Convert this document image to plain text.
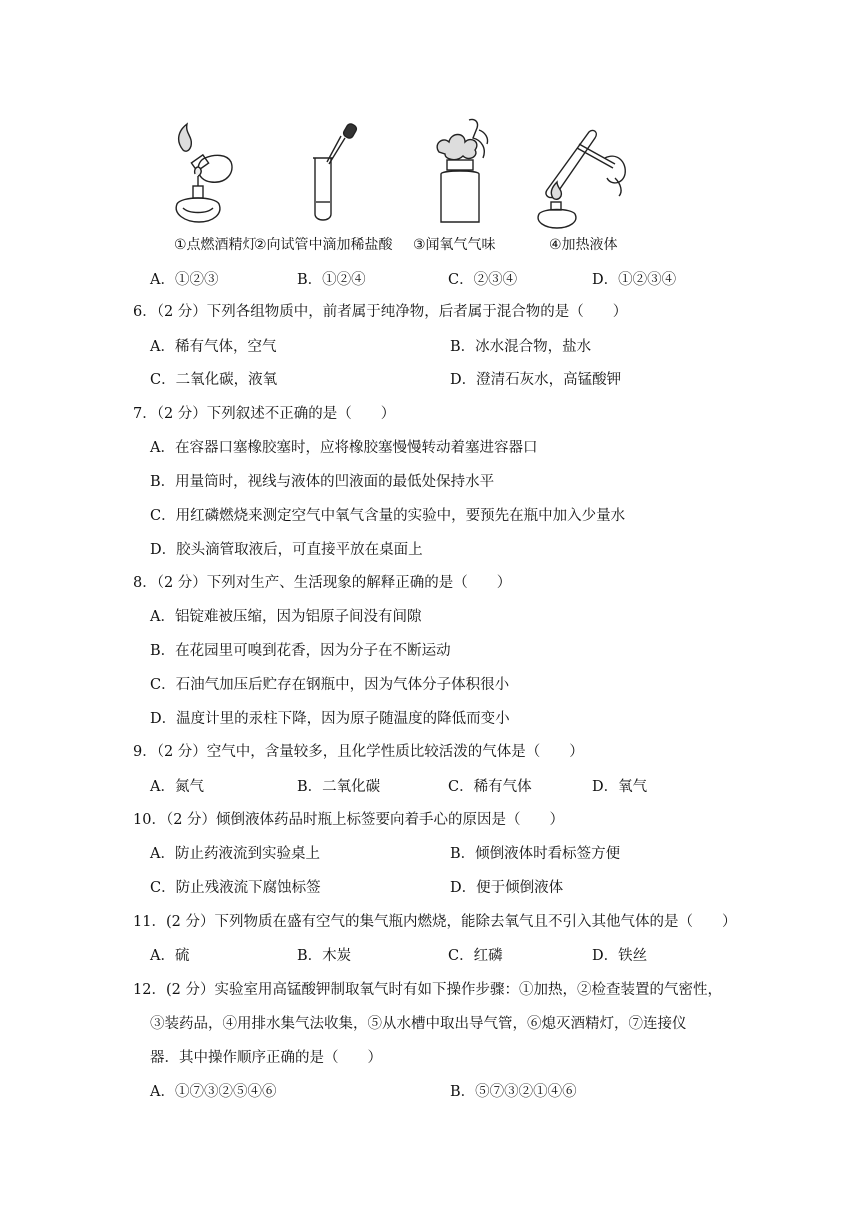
①点燃酒精灯
②向试管中滴加稀盐酸 ③闻氧气气味	④加热液体
A．①②③	B．①②④	C．②③④	D．①②③④
6．（2 分）下列各组物质中，前者属于纯净物，后者属于混合物的是（　　）
A．稀有气体，空气	B．冰水混合物，盐水
C．二氧化碳，液氧	D．澄清石灰水，高锰酸钾
7．（2 分）下列叙述不正确的是（　　）
A．在容器口塞橡胶塞时，应将橡胶塞慢慢转动着塞进容器口
B．用量筒时，视线与液体的凹液面的最低处保持水平
C．用红磷燃烧来测定空气中氧气含量的实验中，要预先在瓶中加入少量水
D．胶头滴管取液后，可直接平放在桌面上
8．（2 分）下列对生产、生活现象的解释正确的是（　　）
A．铝锭难被压缩，因为铝原子间没有间隙
B．在花园里可嗅到花香，因为分子在不断运动
C．石油气加压后贮存在钢瓶中，因为气体分子体积很小
D．温度计里的汞柱下降，因为原子随温度的降低而变小
9．（2 分）空气中，含量较多，且化学性质比较活泼的气体是（　　）
A．氮气	B．二氧化碳	C．稀有气体	D．氧气
10．（2 分）倾倒液体药品时瓶上标签要向着手心的原因是（　　）
A．防止药液流到实验桌上	B．倾倒液体时看标签方便
C．防止残液流下腐蚀标签	D．便于倾倒液体
11．(2 分）下列物质在盛有空气的集气瓶内燃烧，能除去氧气且不引入其他气体的是（　　）
A．硫	B．木炭	C．红磷	D．铁丝
12．(2 分）实验室用高锰酸钾制取氧气时有如下操作步骤：①加热，②检查装置的气密性，
③装药品，④用排水集气法收集，⑤从水槽中取出导气管，⑥熄灭酒精灯，⑦连接仪
器．其中操作顺序正确的是（　　）
A．①⑦③②⑤④⑥	B．⑤⑦③②①④⑥
